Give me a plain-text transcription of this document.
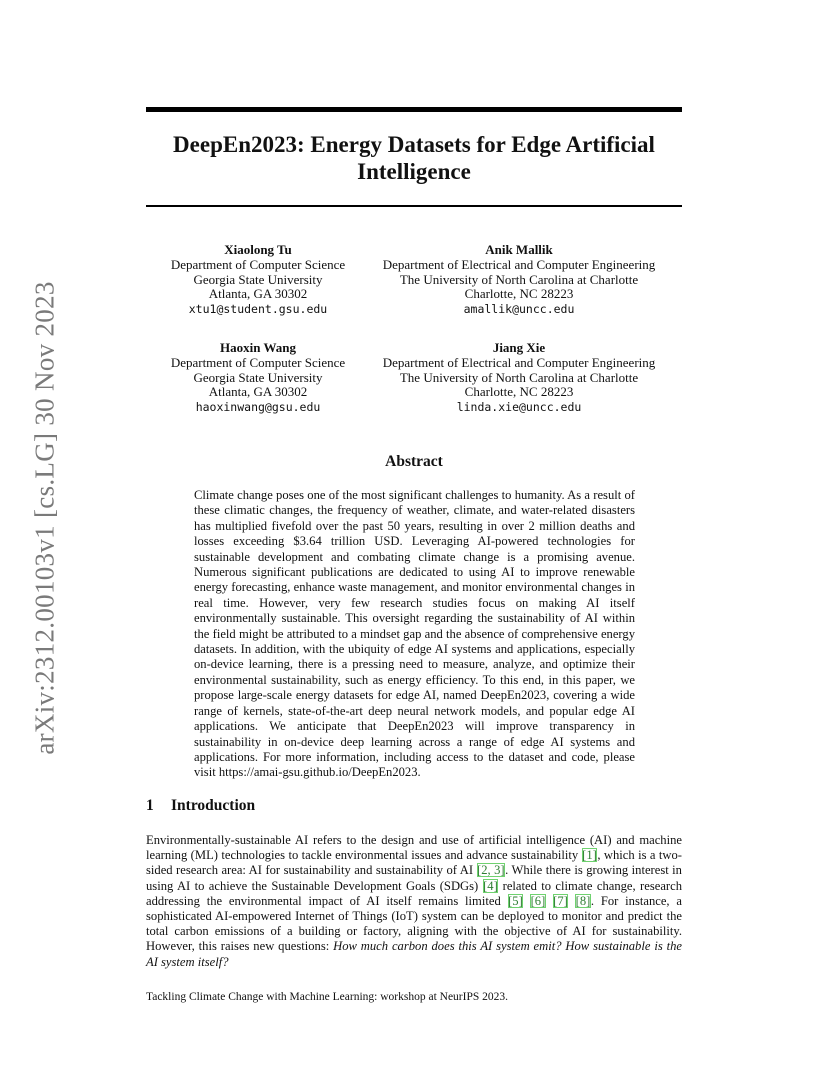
arXiv:2312.00103v1 [cs.LG] 30 Nov 2023
DeepEn2023: Energy Datasets for Edge Artificial Intelligence
Xiaolong Tu
Department of Computer Science
Georgia State University
Atlanta, GA 30302
xtu1@student.gsu.edu
Anik Mallik
Department of Electrical and Computer Engineering
The University of North Carolina at Charlotte
Charlotte, NC 28223
amallik@uncc.edu
Haoxin Wang
Department of Computer Science
Georgia State University
Atlanta, GA 30302
haoxinwang@gsu.edu
Jiang Xie
Department of Electrical and Computer Engineering
The University of North Carolina at Charlotte
Charlotte, NC 28223
linda.xie@uncc.edu
Abstract

Climate change poses one of the most significant challenges to humanity. As a result of these climatic changes, the frequency of weather, climate, and water-related disasters has multiplied fivefold over the past 50 years, resulting in over 2 million deaths and losses exceeding $3.64 trillion USD. Leveraging AI-powered technologies for sustainable development and combating climate change is a promising avenue. Numerous significant publications are dedicated to using AI to improve renewable energy forecasting, enhance waste management, and monitor environmental changes in real time. However, very few research studies focus on making AI itself environmentally sustainable. This oversight regarding the sustainability of AI within the field might be attributed to a mindset gap and the absence of comprehensive energy datasets. In addition, with the ubiquity of edge AI systems and applications, especially on-device learning, there is a pressing need to measure, analyze, and optimize their environmental sustainability, such as energy efficiency. To this end, in this paper, we propose large-scale energy datasets for edge AI, named DeepEn2023, covering a wide range of kernels, state-of-the-art deep neural network models, and popular edge AI applications. We anticipate that DeepEn2023 will improve transparency in sustainability in on-device deep learning across a range of edge AI systems and applications. For more information, including access to the dataset and code, please visit https://amai-gsu.github.io/DeepEn2023.

1 Introduction

Environmentally-sustainable AI refers to the design and use of artificial intelligence (AI) and machine learning (ML) technologies to tackle environmental issues and advance sustainability [1], which is a two-sided research area: AI for sustainability and sustainability of AI [2, 3]. While there is growing interest in using AI to achieve the Sustainable Development Goals (SDGs) [4] related to climate change, research addressing the environmental impact of AI itself remains limited [5] [6] [7] [8]. For instance, a sophisticated AI-empowered Internet of Things (IoT) system can be deployed to monitor and predict the total carbon emissions of a building or factory, aligning with the objective of AI for sustainability. However, this raises new questions: How much carbon does this AI system emit? How sustainable is the AI system itself?

Tackling Climate Change with Machine Learning: workshop at NeurIPS 2023.
